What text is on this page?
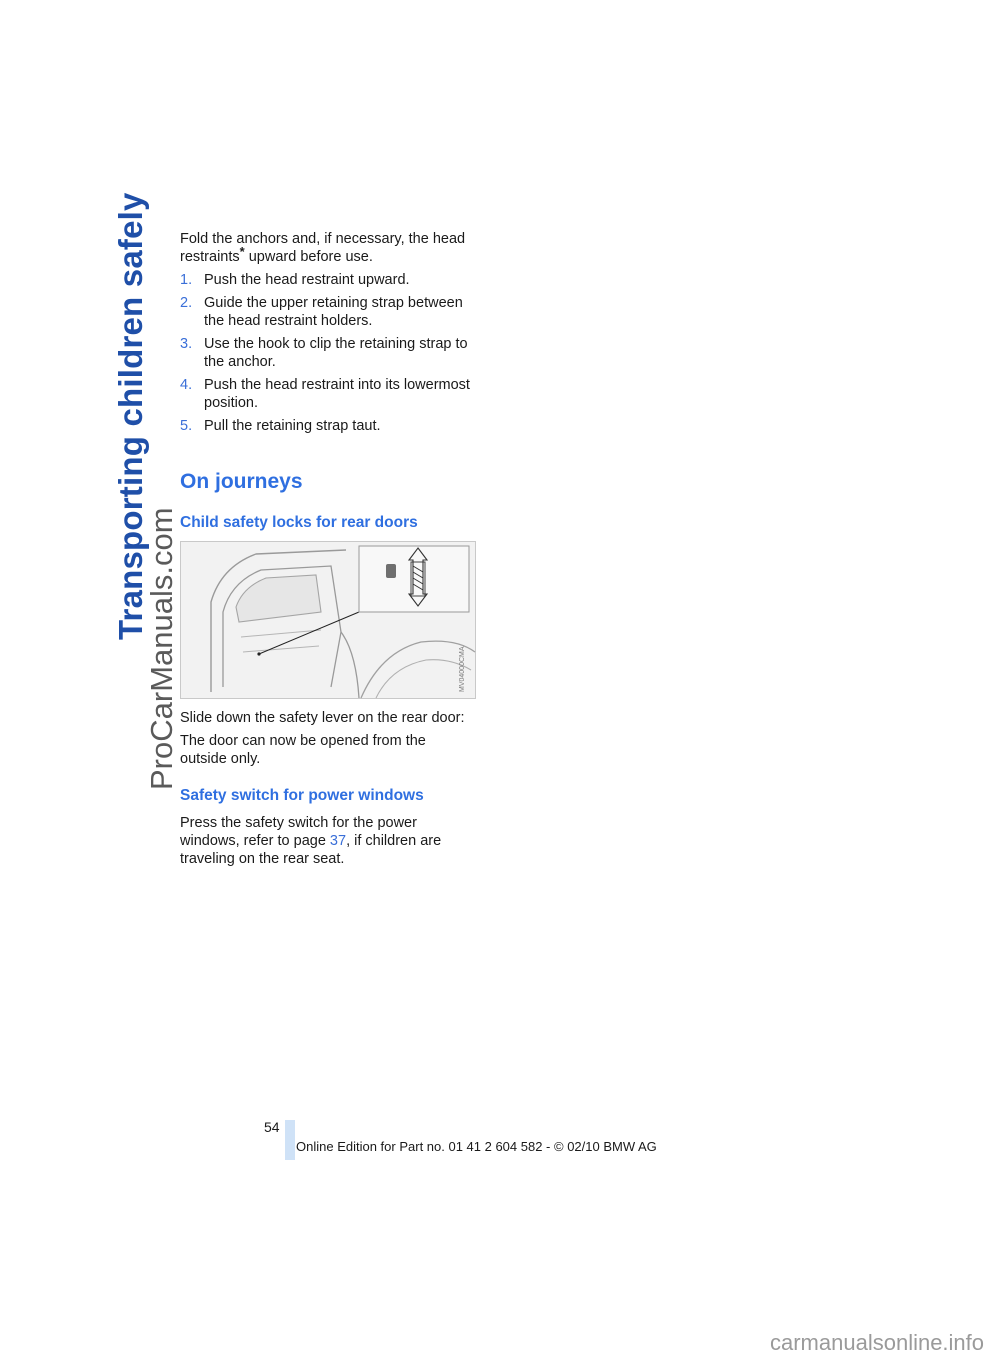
Transporting children safely
ProCarManuals.com

Fold the anchors and, if necessary, the head restraints* upward before use.

1. Push the head restraint upward.
2. Guide the upper retaining strap between the head restraint holders.
3. Use the hook to clip the retaining strap to the anchor.
4. Push the head restraint into its lowermost position.
5. Pull the retaining strap taut.
On journeys
Child safety locks for rear doors
MV04000CMA

Slide down the safety lever on the rear door:

The door can now be opened from the outside only.

Safety switch for power windows

Press the safety switch for the power windows, refer to page 37, if children are traveling on the rear seat.

54
Online Edition for Part no. 01 41 2 604 582 - © 02/10 BMW AG
carmanualsonline.info
